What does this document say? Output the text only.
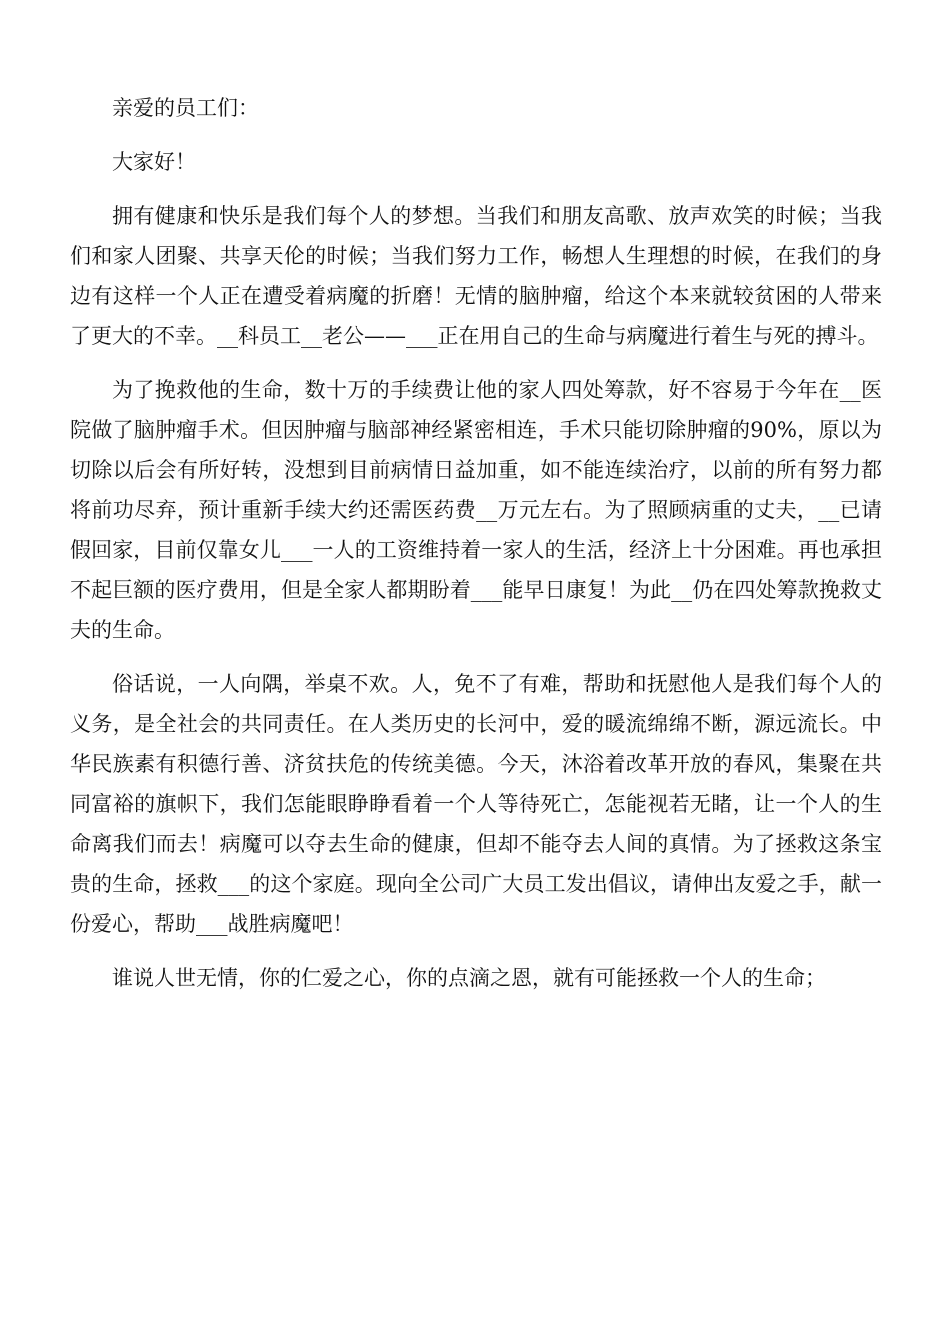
亲爱的员工们：

大家好！

拥有健康和快乐是我们每个人的梦想。当我们和朋友高歌、放声欢笑的时候；当我们和家人团聚、共享天伦的时候；当我们努力工作，畅想人生理想的时候，在我们的身边有这样一个人正在遭受着病魔的折磨！无情的脑肿瘤，给这个本来就较贫困的人带来了更大的不幸。__科员工__老公——___正在用自己的生命与病魔进行着生与死的搏斗。

为了挽救他的生命，数十万的手续费让他的家人四处筹款，好不容易于今年在__医院做了脑肿瘤手术。但因肿瘤与脑部神经紧密相连，手术只能切除肿瘤的90%，原以为切除以后会有所好转，没想到目前病情日益加重，如不能连续治疗，以前的所有努力都将前功尽弃，预计重新手续大约还需医药费__万元左右。为了照顾病重的丈夫，__已请假回家，目前仅靠女儿___一人的工资维持着一家人的生活，经济上十分困难。再也承担不起巨额的医疗费用，但是全家人都期盼着___能早日康复！为此__仍在四处筹款挽救丈夫的生命。

俗话说，一人向隅，举桌不欢。人，免不了有难，帮助和抚慰他人是我们每个人的义务，是全社会的共同责任。在人类历史的长河中，爱的暖流绵绵不断，源远流长。中华民族素有积德行善、济贫扶危的传统美德。今天，沐浴着改革开放的春风，集聚在共同富裕的旗帜下，我们怎能眼睁睁看着一个人等待死亡，怎能视若无睹，让一个人的生命离我们而去！病魔可以夺去生命的健康，但却不能夺去人间的真情。为了拯救这条宝贵的生命，拯救___的这个家庭。现向全公司广大员工发出倡议，请伸出友爱之手，献一份爱心，帮助___战胜病魔吧！

谁说人世无情，你的仁爱之心，你的点滴之恩，就有可能拯救一个人的生命；
